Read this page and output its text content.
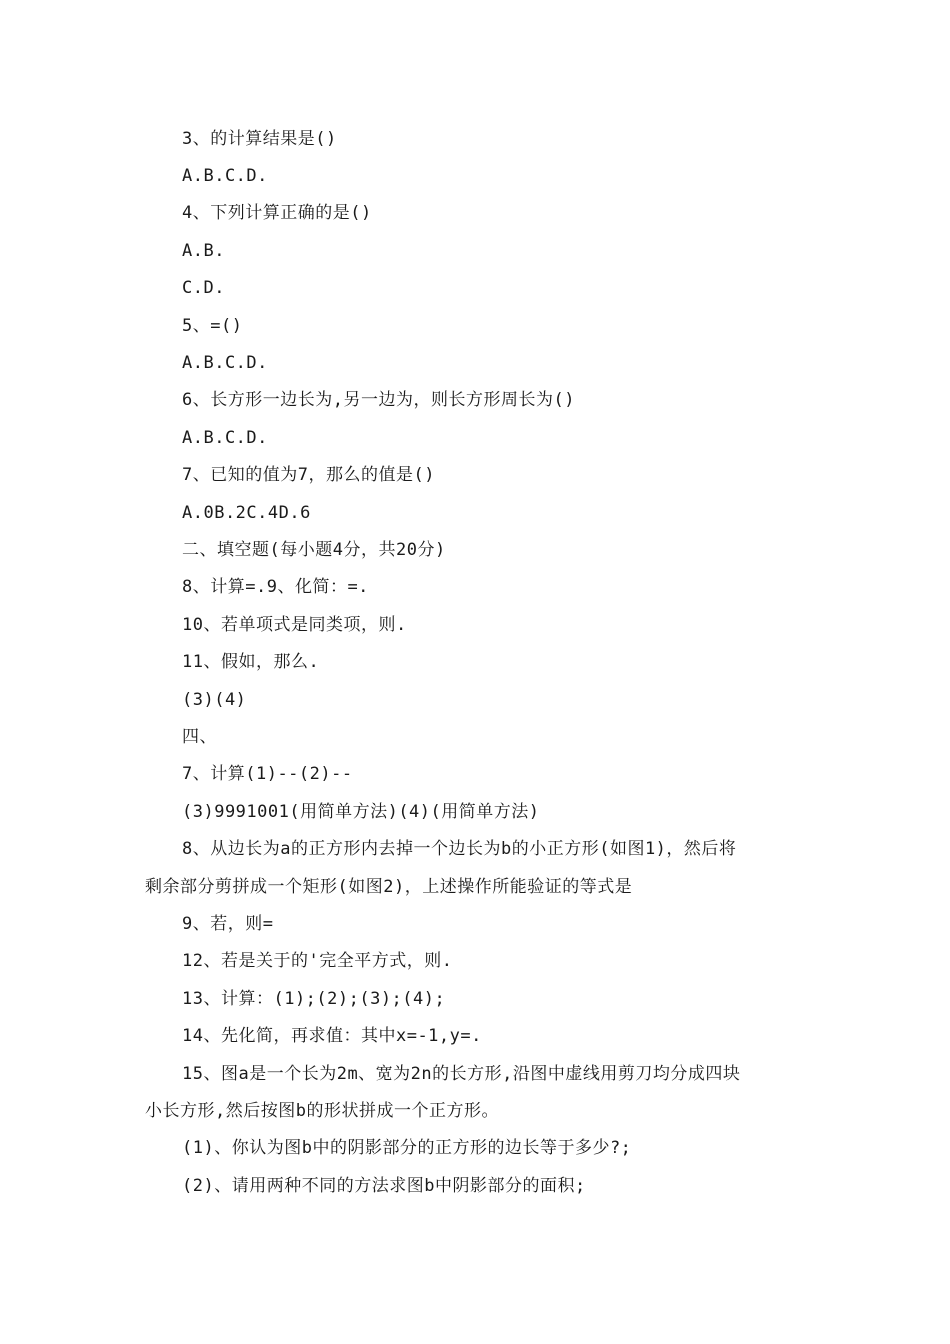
3、的计算结果是()
A.B.C.D.
4、下列计算正确的是()
A.B.
C.D.
5、=()
A.B.C.D.
6、长方形一边长为,另一边为，则长方形周长为()
A.B.C.D.
7、已知的值为7，那么的值是()
A.0B.2C.4D.6
二、填空题(每小题4分，共20分)
8、计算=.9、化简：=.
10、若单项式是同类项，则.
11、假如，那么.
(3)(4)
四、
7、计算(1)--(2)--
(3)9991001(用简单方法)(4)(用简单方法)
8、从边长为a的正方形内去掉一个边长为b的小正方形(如图1)，然后将
剩余部分剪拼成一个矩形(如图2)，上述操作所能验证的等式是
9、若，则=
12、若是关于的'完全平方式，则.
13、计算：(1);(2);(3);(4);
14、先化简，再求值：其中x=-1,y=.
15、图a是一个长为2m、宽为2n的长方形,沿图中虚线用剪刀均分成四块
小长方形,然后按图b的形状拼成一个正方形。
(1)、你认为图b中的阴影部分的正方形的边长等于多少?;
(2)、请用两种不同的方法求图b中阴影部分的面积;
